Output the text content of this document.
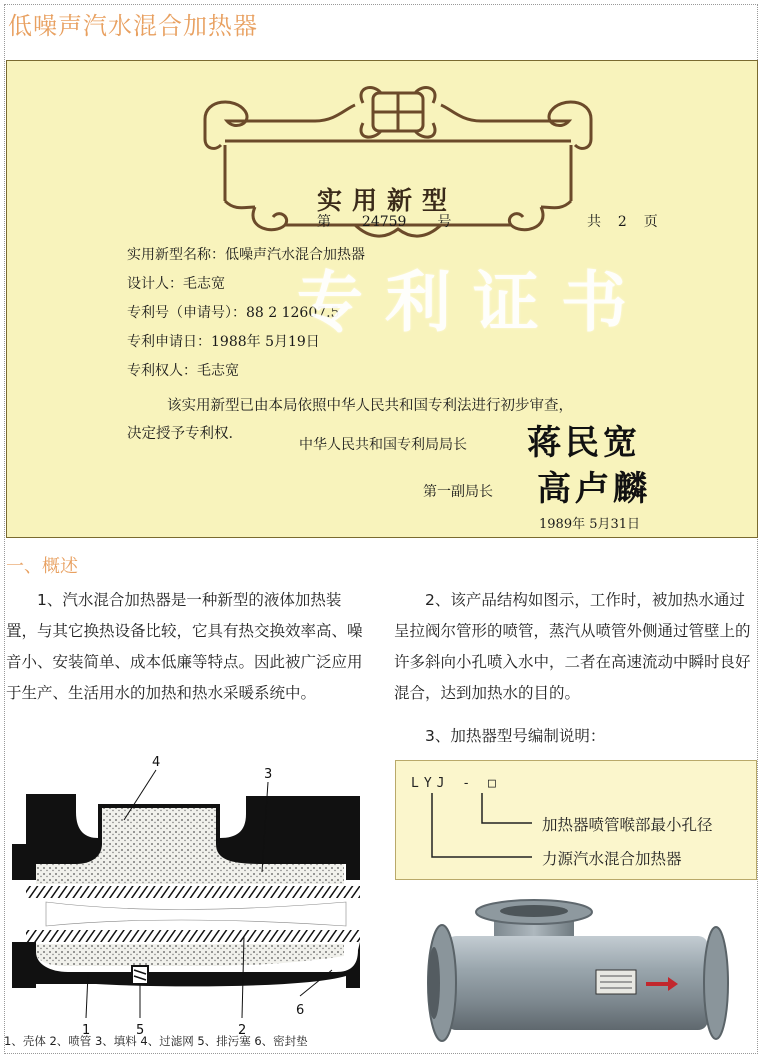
低噪声汽水混合加热器
实用新型
第 24759 号	共 2 页
实用新型名称：低噪声汽水混合加热器
设计人：毛志宽
专利号（申请号）：88 2 12607.5
专利申请日：1988年 5月19日
专利权人：毛志宽
专利证书
该实用新型已由本局依照中华人民共和国专利法进行初步审查，
决定授予专利权．
中华人民共和国专利局局长 蒋民宽
第一副局长 高卢麟
1989年 5月31日
一、概述

　　1、汽水混合加热器是一种新型的液体加热装置，与其它换热设备比较，它具有热交换效率高、噪音小、安装简单、成本低廉等特点。因此被广泛应用于生产、生活用水的加热和热水采暖系统中。

　　2、该产品结构如图示，工作时，被加热水通过呈拉阀尔管形的喷管，蒸汽从喷管外侧通过管壁上的许多斜向小孔喷入水中，二者在高速流动中瞬时良好混合，达到加热水的目的。

　　3、加热器型号编制说明：

LYJ - □
加热器喷管喉部最小孔径
力源汽水混合加热器
4
3
1	5	2
6
1、壳体 2、喷管 3、填料 4、过滤网 5、排污塞 6、密封垫
